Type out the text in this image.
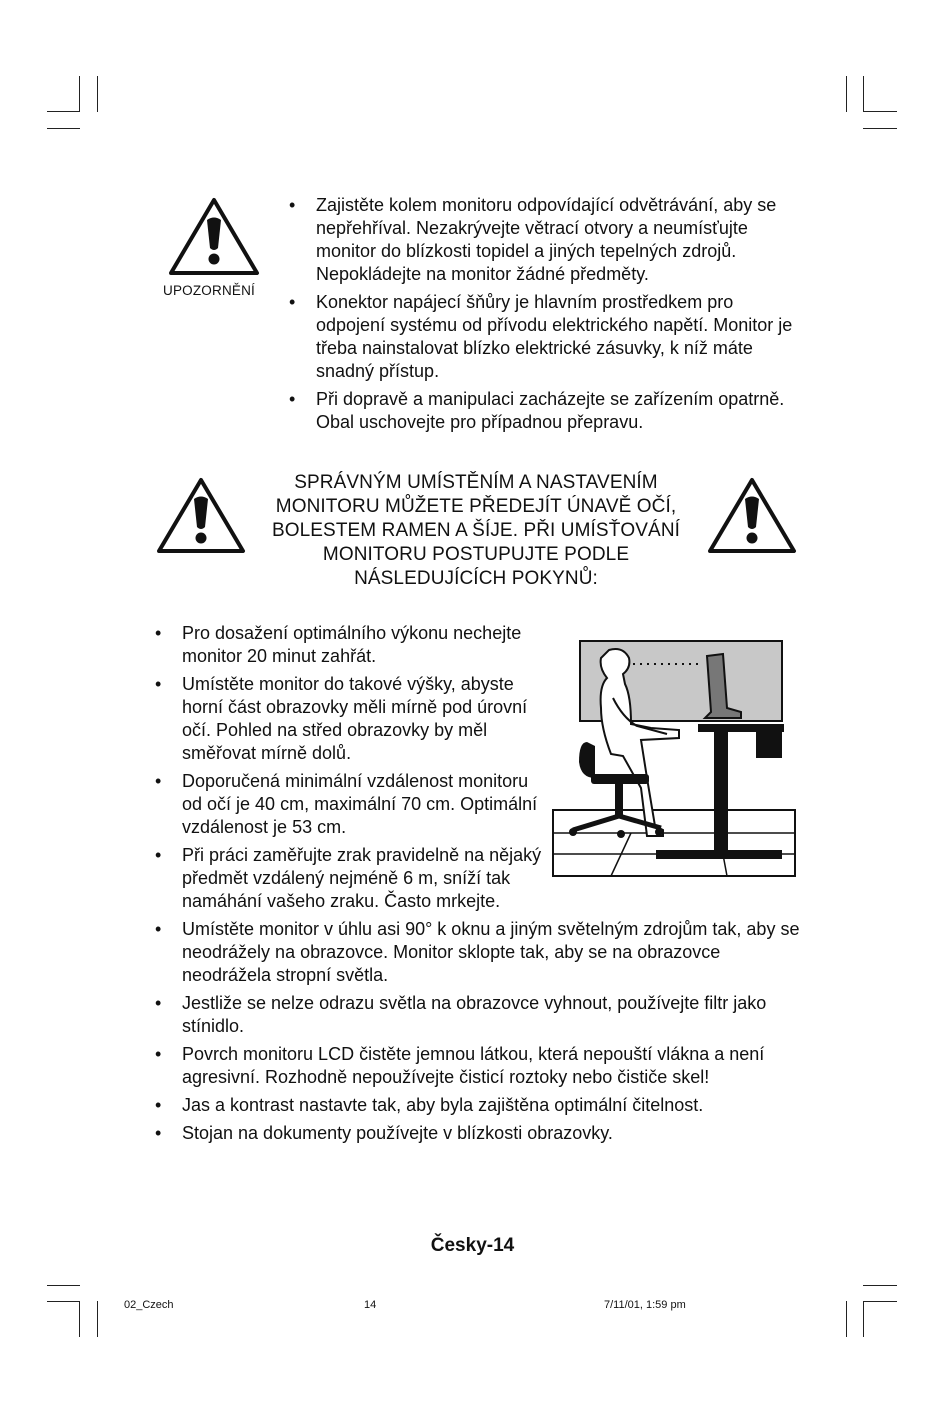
UPOZORNĚNÍ
• Zajistěte kolem monitoru odpovídající odvětrávání, aby se nepřehříval. Nezakrývejte větrací otvory a neumísťujte monitor do blízkosti topidel a jiných tepelných zdrojů. Nepokládejte na monitor žádné předměty.
• Konektor napájecí šňůry je hlavním prostředkem pro odpojení systému od přívodu elektrického napětí. Monitor je třeba nainstalovat blízko elektrické zásuvky, k níž máte snadný přístup.
• Při dopravě a manipulaci zacházejte se zařízením opatrně. Obal uschovejte pro případnou přepravu.
SPRÁVNÝM UMÍSTĚNÍM A NASTAVENÍM
MONITORU MŮŽETE PŘEDEJÍT ÚNAVĚ OČÍ,
BOLESTEM RAMEN A ŠÍJE. PŘI UMÍSŤOVÁNÍ
MONITORU POSTUPUJTE PODLE
NÁSLEDUJÍCÍCH POKYNŮ:
• Pro dosažení optimálního výkonu nechejte monitor 20 minut zahřát.
• Umístěte monitor do takové výšky, abyste horní část obrazovky měli mírně pod úrovní očí. Pohled na střed obrazovky by měl směřovat mírně dolů.
• Doporučená minimální vzdálenost monitoru od očí je 40 cm, maximální 70 cm. Optimální vzdálenost je 53 cm.
• Při práci zaměřujte zrak pravidelně na nějaký předmět vzdálený nejméně 6 m, sníží tak namáhání vašeho zraku. Často mrkejte.
• Umístěte monitor v úhlu asi 90° k oknu a jiným světelným zdrojům tak, aby se neodrážely na obrazovce. Monitor sklopte tak, aby se na obrazovce neodrážela stropní světla.
• Jestliže se nelze odrazu světla na obrazovce vyhnout, používejte filtr jako stínidlo.
• Povrch monitoru LCD čistěte jemnou látkou, která nepouští vlákna a není agresivní. Rozhodně nepoužívejte čisticí roztoky nebo čističe skel!
• Jas a kontrast nastavte tak, aby byla zajištěna optimální čitelnost.
• Stojan na dokumenty používejte v blízkosti obrazovky.
Česky-14
02_Czech	14	7/11/01, 1:59 pm
